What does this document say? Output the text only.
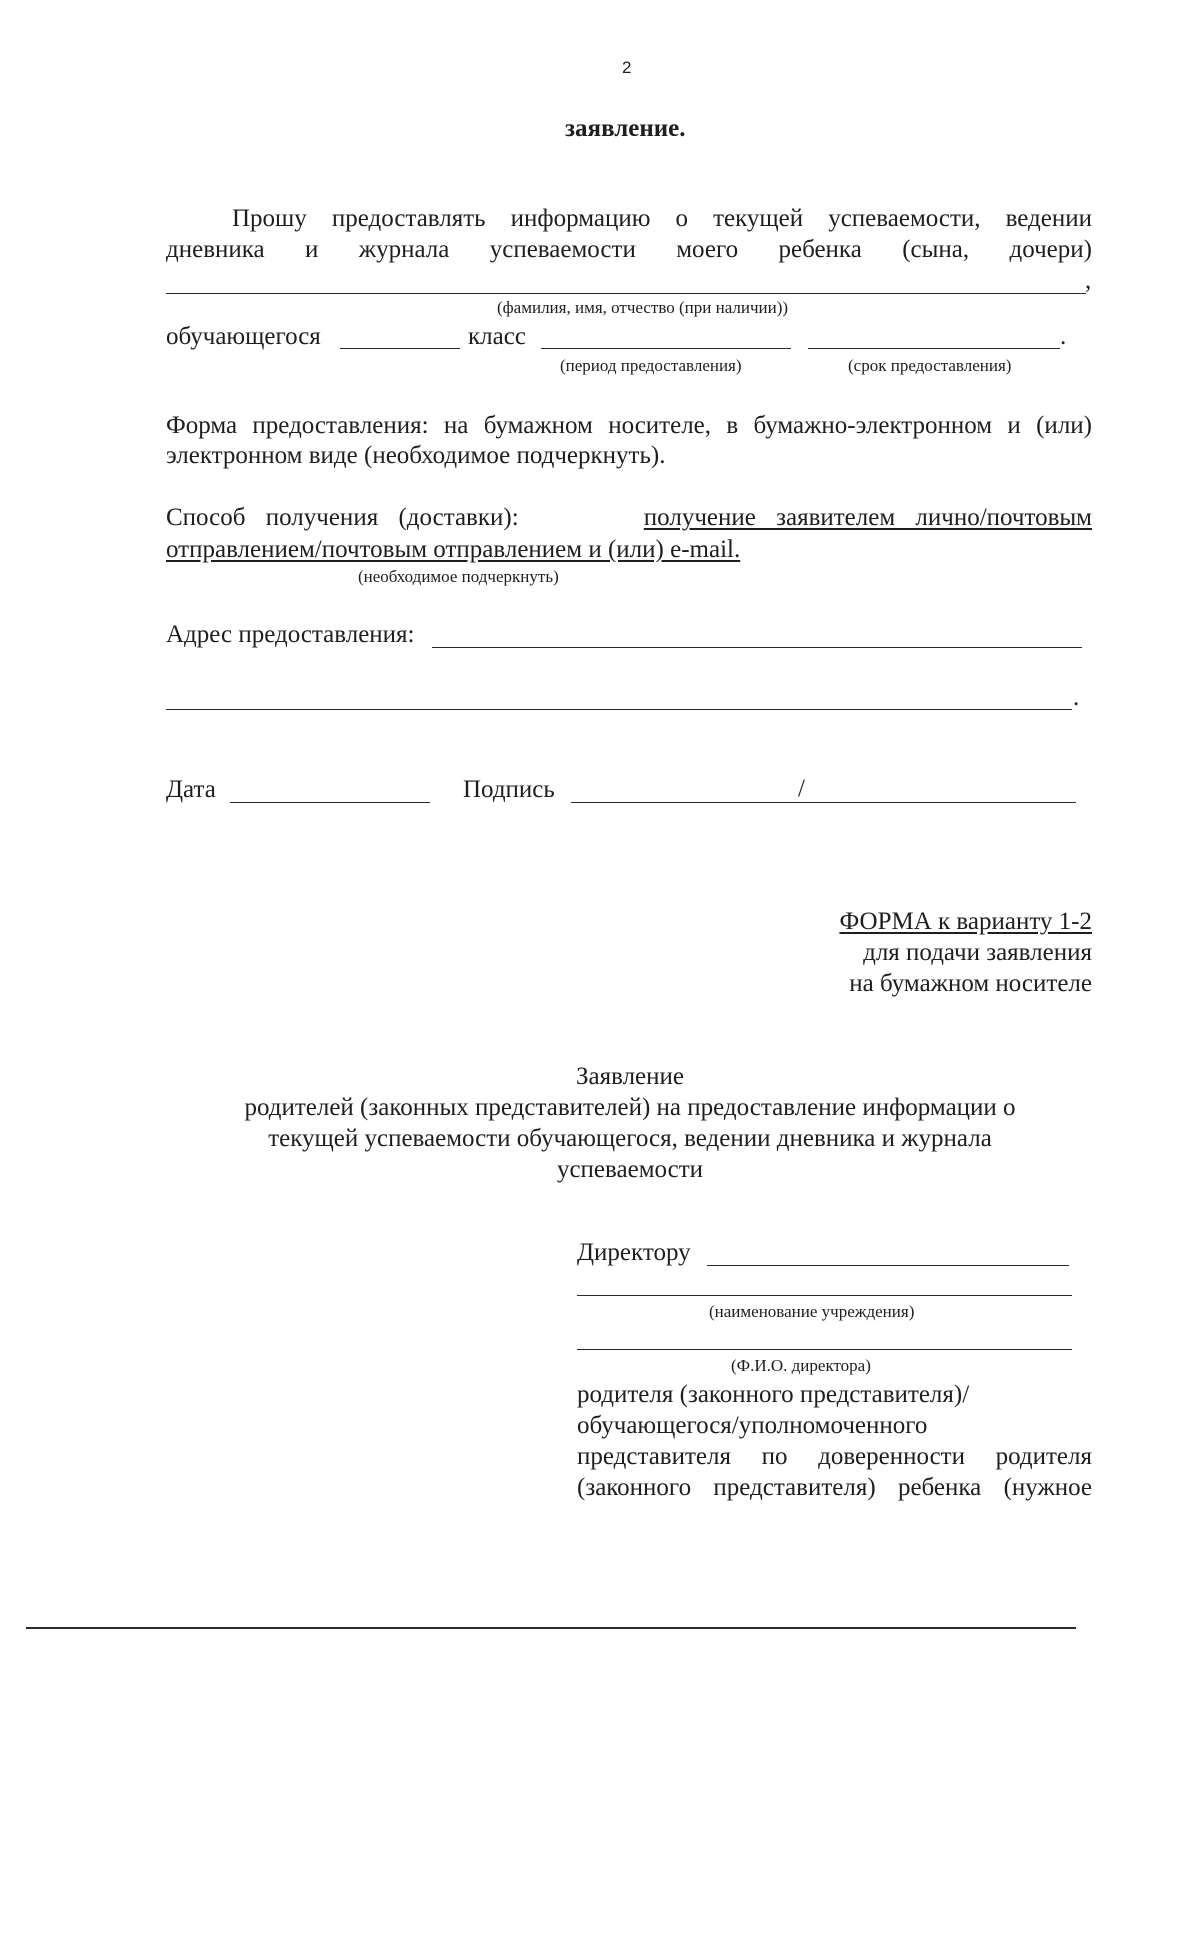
2
заявление.
Прошу предоставлять информацию о текущей успеваемости, ведении
дневника и журнала успеваемости моего ребенка (сына, дочери)
,
(фамилия, имя, отчество (при наличии))
обучающегося	класс	.
(период предоставления)	(срок предоставления)
Форма предоставления: на бумажном носителе, в бумажно-электронном и (или)
электронном виде (необходимое подчеркнуть).
Способ получения (доставки):	получение заявителем лично/почтовым
отправлением/почтовым отправлением и (или) e-mail.
(необходимое подчеркнуть)
Адрес предоставления:
.
Дата	Подпись	/
ФОРМА к варианту 1-2
для подачи заявления
на бумажном носителе
Заявление
родителей (законных представителей) на предоставление информации о
текущей успеваемости обучающегося, ведении дневника и журнала
успеваемости
Директору
(наименование учреждения)
(Ф.И.О. директора)
родителя (законного представителя)/
обучающегося/уполномоченного
представителя по доверенности родителя
(законного представителя) ребенка (нужное
